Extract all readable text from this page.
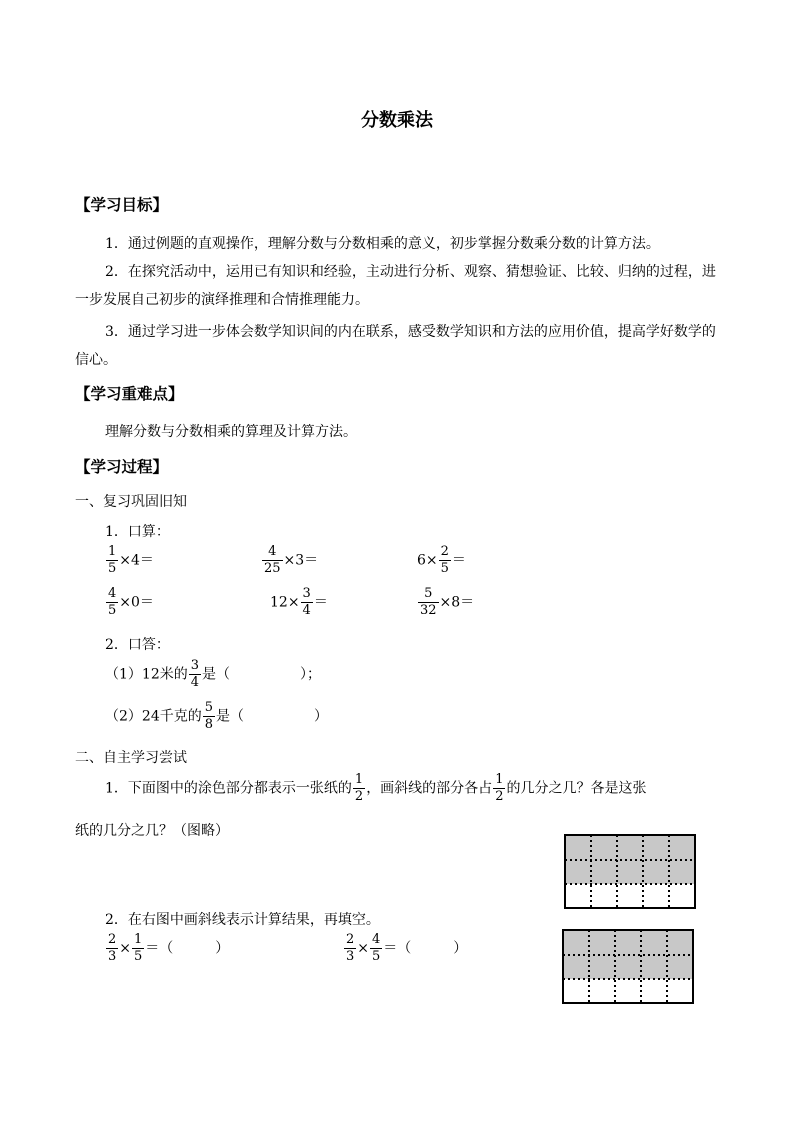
分数乘法
【学习目标】
1．通过例题的直观操作，理解分数与分数相乘的意义，初步掌握分数乘分数的计算方法。
2．在探究活动中，运用已有知识和经验，主动进行分析、观察、猜想验证、比较、归纳的过程，进一步发展自己初步的演绎推理和合情推理能力。
3．通过学习进一步体会数学知识间的内在联系，感受数学知识和方法的应用价值，提高学好数学的信心。
【学习重难点】
理解分数与分数相乘的算理及计算方法。
【学习过程】
一、复习巩固旧知
1．口算：
$\frac{1}{5} \times 4=$	$\frac{4}{25} \times 3=$	$6\times \frac{2}{5}$ ＝
$\frac{4}{5} \times 0=$	$12\times \frac{3}{4}$ ＝	$\frac{5}{32} \times 8=$
2．口答：
（1）12米的 $\frac{3}{4}$ 是（　　　　　）；
（2）24千克的 $\frac{5}{8}$ 是（　　　　　）
二、自主学习尝试
1．下面图中的涂色部分都表示一张纸的 $\frac{1}{2}$ ，画斜线的部分各占 $\frac{1}{2}$ 的几分之几？各是这张
纸的几分之几？（图略）
2．在右图中画斜线表示计算结果，再填空。
$\frac{2}{3} \times \frac{1}{5}$ ＝（　　　）	$\frac{2}{3} \times \frac{4}{5}$ ＝（　　　）
